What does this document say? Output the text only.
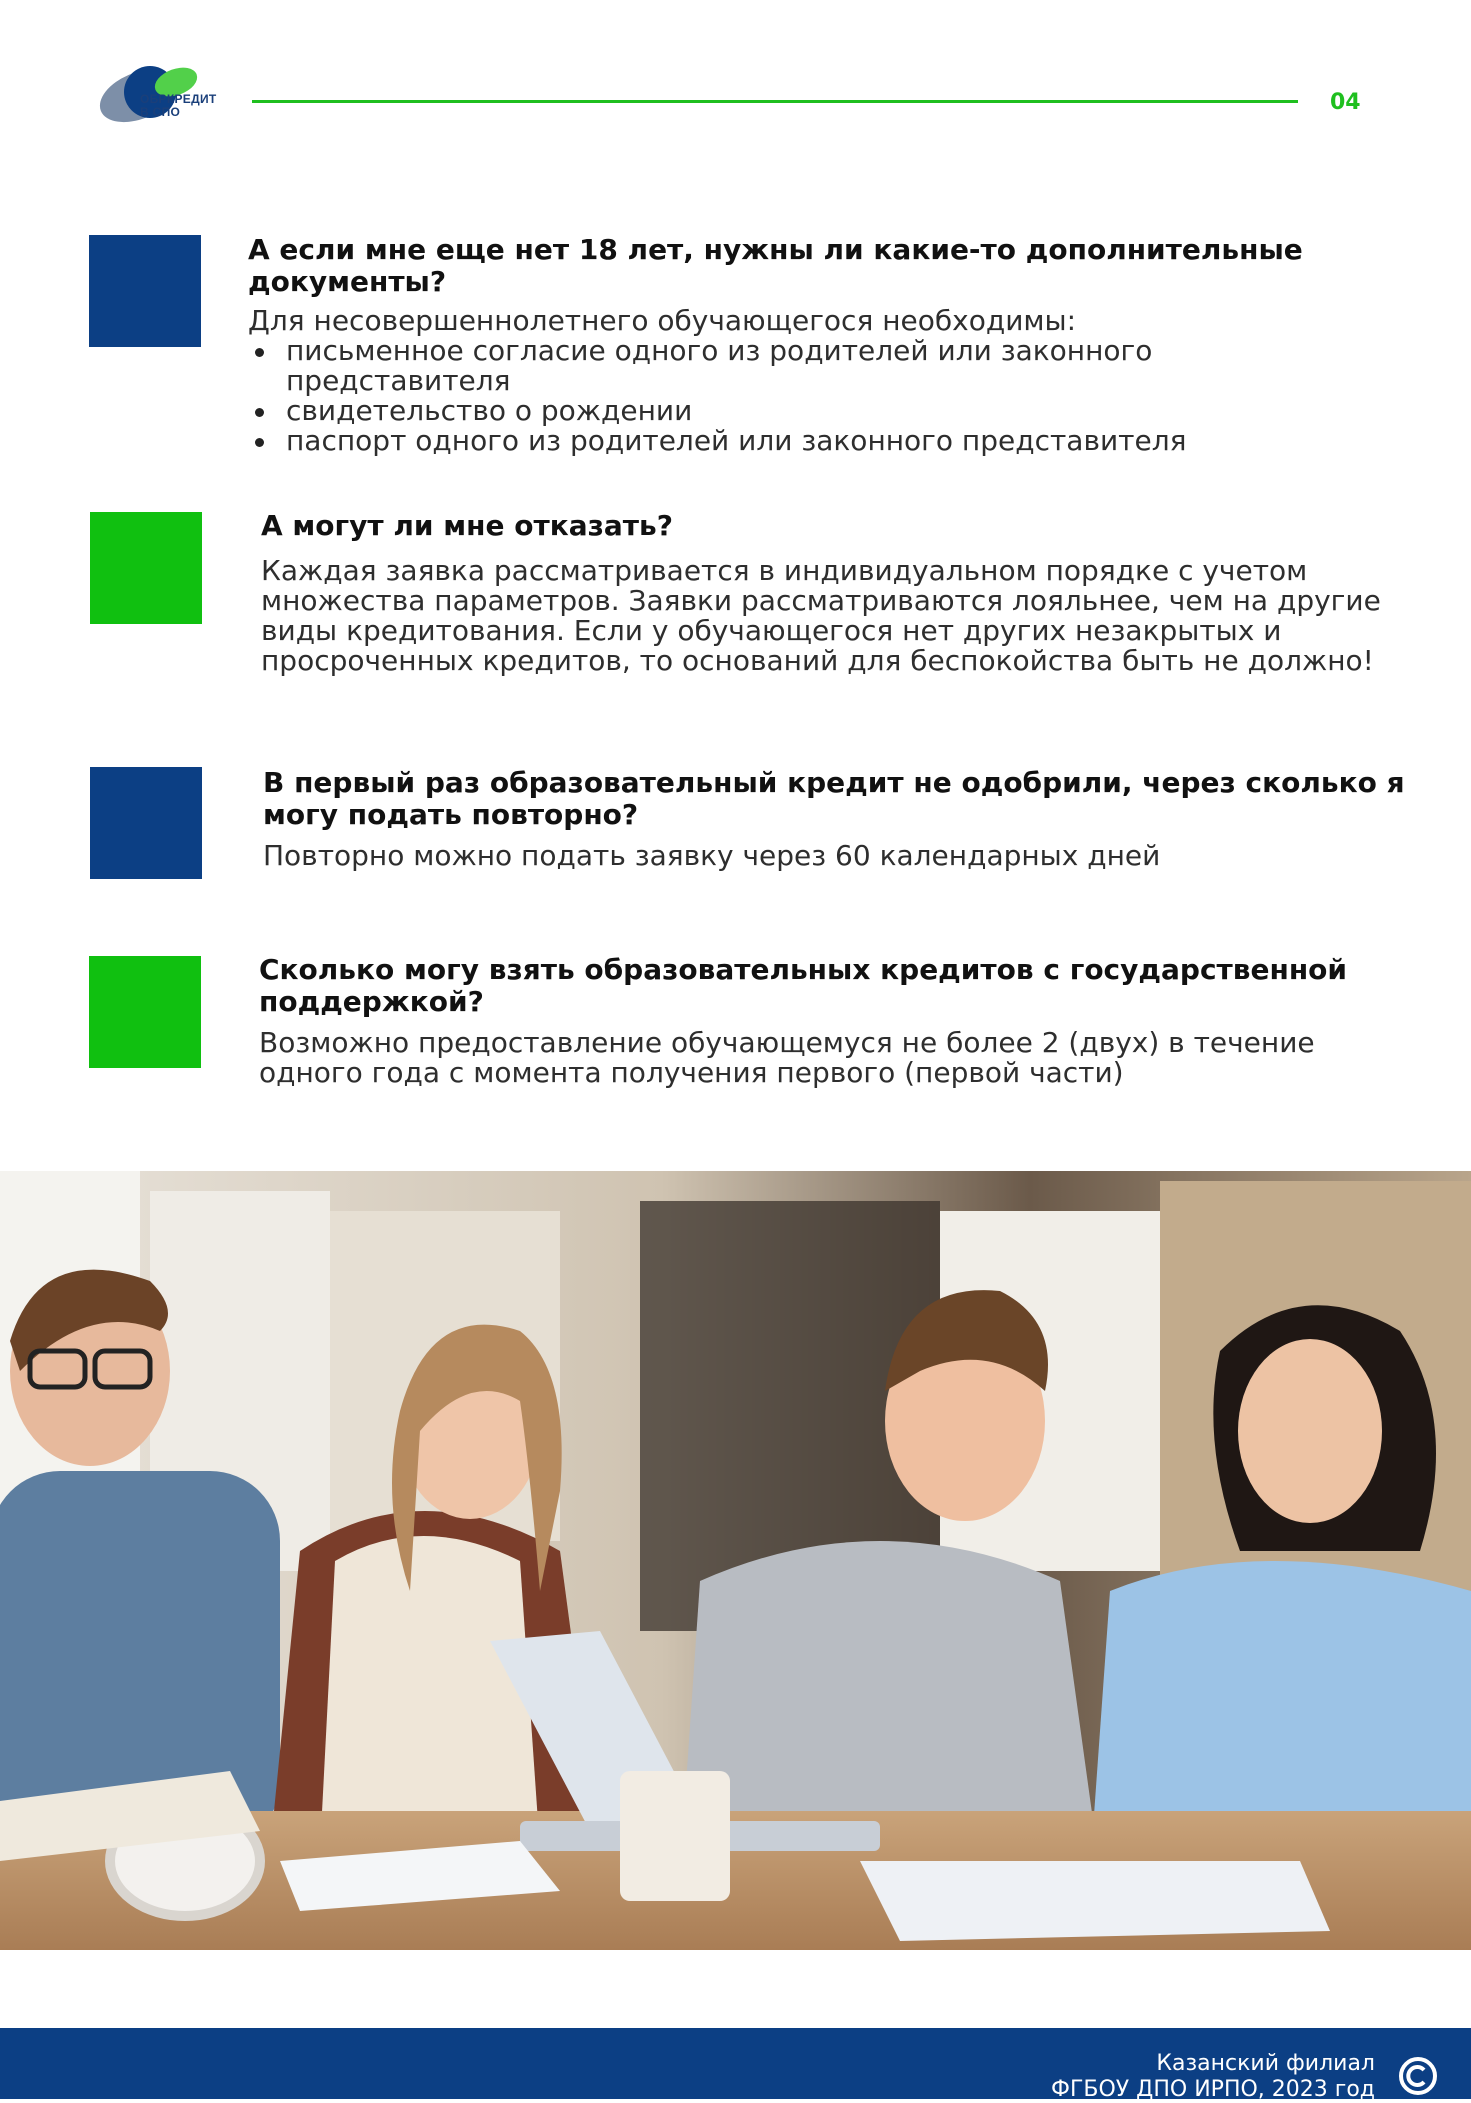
ОБРКРЕДИТ
В СПО	04

А если мне еще нет 18 лет, нужны ли какие-то дополнительные документы?

Для несовершеннолетнего обучающегося необходимы:

письменное согласие одного из родителей или законного представителя
свидетельство о рождении
паспорт одного из родителей или законного представителя

А могут ли мне отказать?

Каждая заявка рассматривается в индивидуальном порядке с учетом множества параметров. Заявки рассматриваются лояльнее, чем на другие виды кредитования. Если у обучающегося нет других незакрытых и просроченных кредитов, то оснований для беспокойства быть не должно!

В первый раз образовательный кредит не одобрили, через сколько я могу подать повторно?

Повторно можно подать заявку через 60 календарных дней

Сколько могу взять образовательных кредитов с государственной поддержкой?

Возможно предоставление обучающемуся не более 2 (двух) в течение одного года с момента получения первого (первой части)

Казанский филиал
ФГБОУ ДПО ИРПО, 2023 год
